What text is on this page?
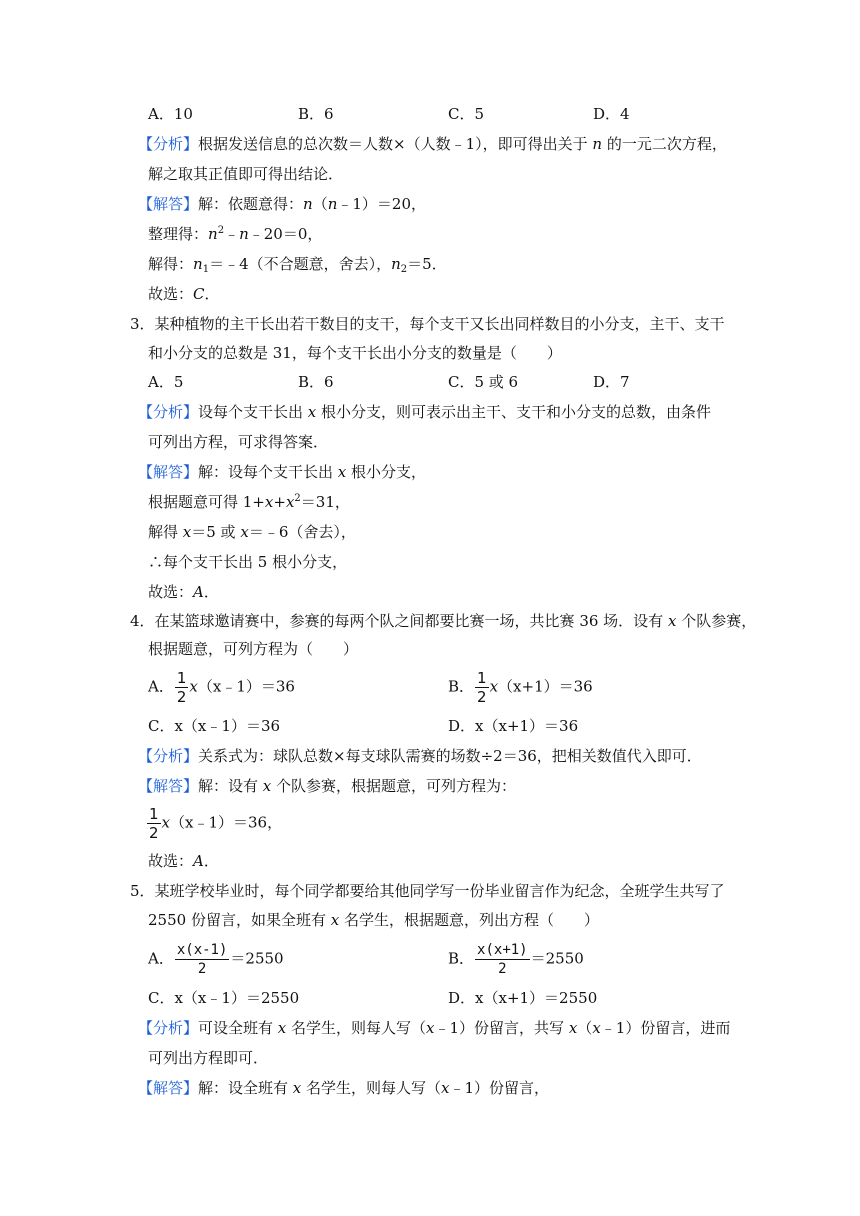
A．10	B．6	C．5	D．4
【分析】根据发送信息的总次数＝人数×（人数﹣1），即可得出关于 n 的一元二次方程，
解之取其正值即可得出结论．
【解答】解：依题意得：n（n﹣1）＝20，
整理得：$n^2﹣n﹣20=0$，
解得：$n_1=﹣4$（不合题意，舍去），$n_2=5$．
故选：C．
3．某种植物的主干长出若干数目的支干，每个支干又长出同样数目的小分支，主干、支干
和小分支的总数是 31，每个支干长出小分支的数量是（　　）
A．5	B．6	C．5 或 6	D．7
【分析】设每个支干长出 x 根小分支，则可表示出主干、支干和小分支的总数，由条件
可列出方程，可求得答案．
【解答】解：设每个支干长出 x 根小分支，
根据题意可得 $1+x+x^2=31$，
解得 x＝5 或 x＝﹣6（舍去），
∴每个支干长出 5 根小分支，
故选：A．
4．在某篮球邀请赛中，参赛的每两个队之间都要比赛一场，共比赛 36 场．设有 x 个队参赛，
根据题意，可列方程为（　　）
A． $\frac{1}{2}$ x（x﹣1）＝36	B． $\frac{1}{2} x(x+1)=36$
C．x（x﹣1）＝36	D．x（x+1）＝36
【分析】关系式为：球队总数×每支球队需赛的场数÷2＝36，把相关数值代入即可．
【解答】解：设有 x 个队参赛，根据题意，可列方程为：
$\frac{1}{2}$ x（x﹣1）＝36，
故选：A．
5．某班学校毕业时，每个同学都要给其他同学写一份毕业留言作为纪念，全班学生共写了
2550 份留言，如果全班有 x 名学生，根据题意，列出方程（　　）
A． $\frac{x(x-1)}{2} =2550$	B． $\frac{x(x+1)}{2} =2550$
C．x（x﹣1）＝2550	D．x（x+1）＝2550
【分析】可设全班有 x 名学生，则每人写（x﹣1）份留言，共写 x（x﹣1）份留言，进而
可列出方程即可．
【解答】解：设全班有 x 名学生，则每人写（x﹣1）份留言，
